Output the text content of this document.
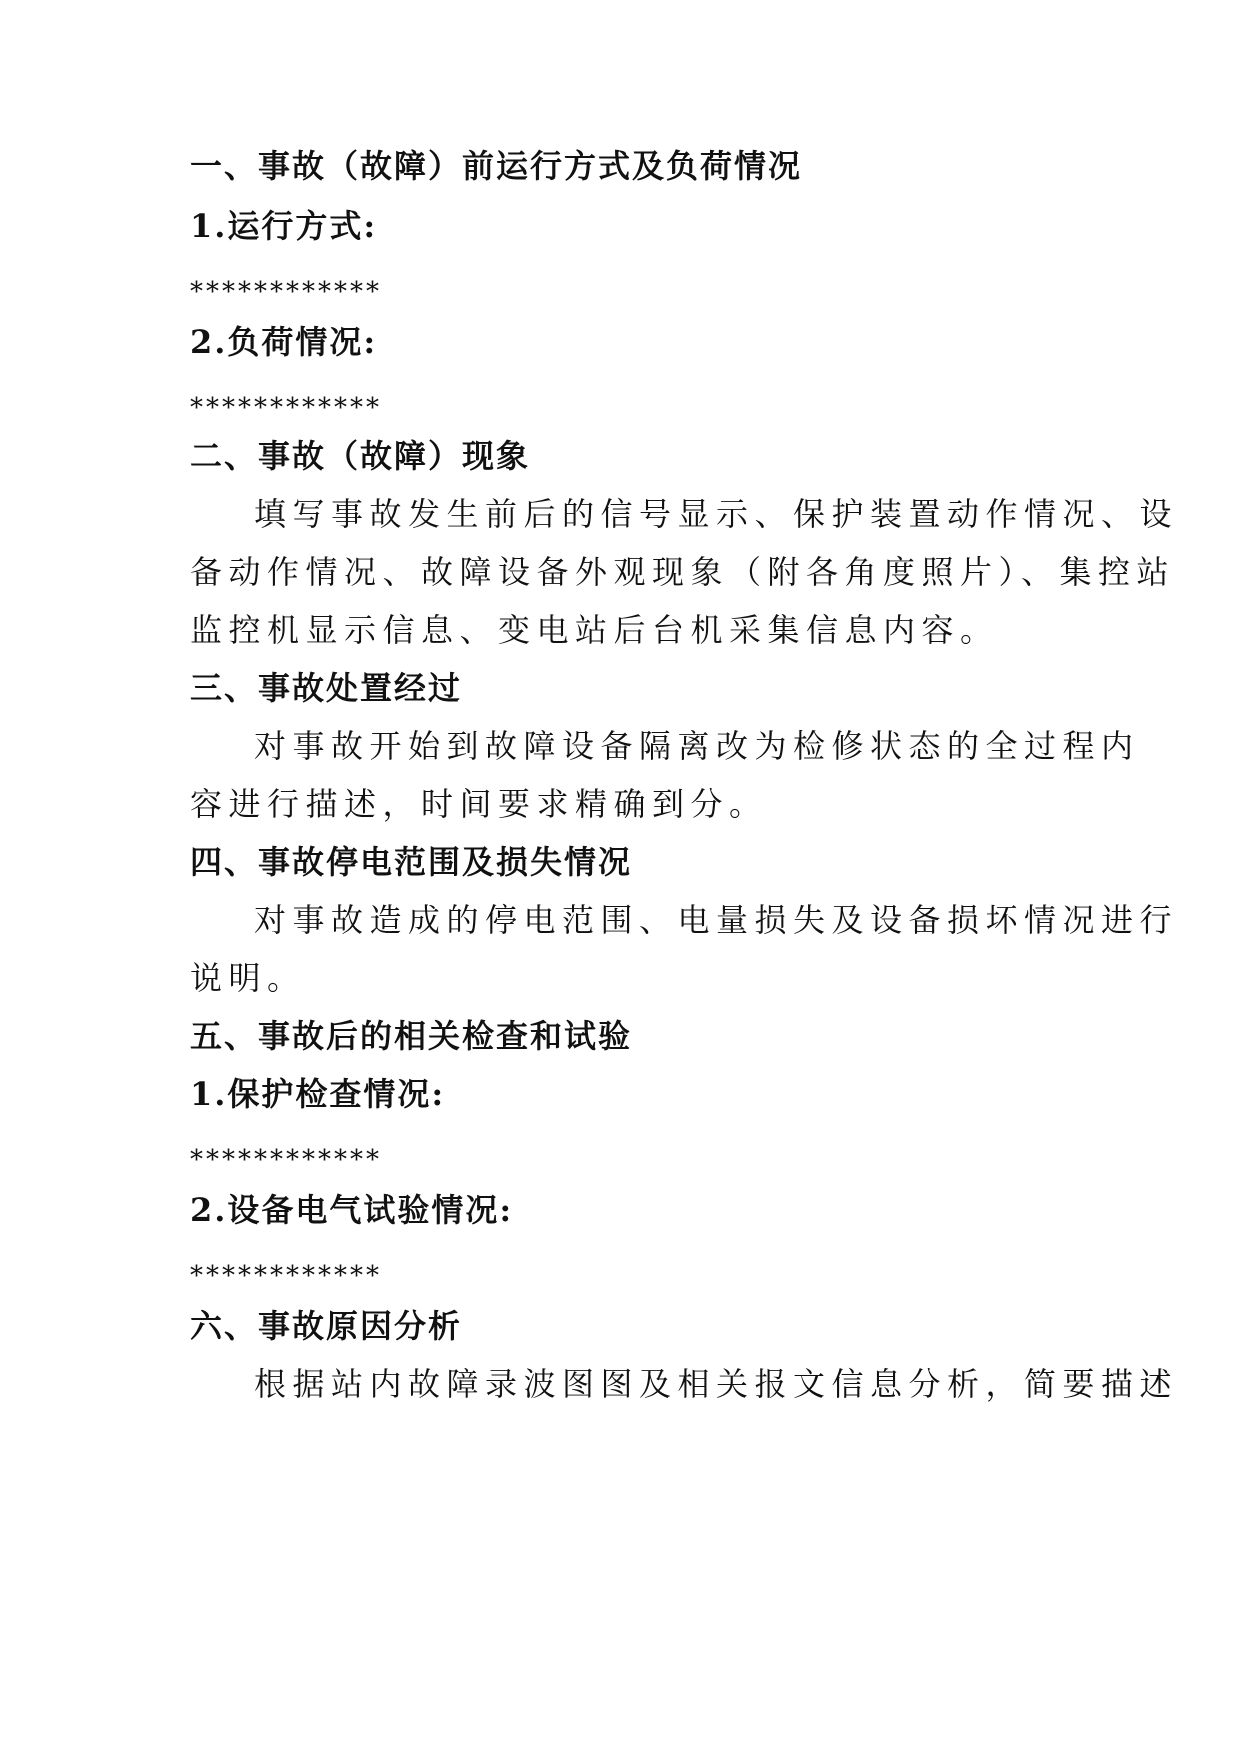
一、事故（故障）前运行方式及负荷情况
1.运行方式:
************
2.负荷情况:
************
二、事故（故障）现象
填写事故发生前后的信号显示、保护装置动作情况、设
备动作情况、故障设备外观现象（附各角度照片）、集控站
监控机显示信息、变电站后台机采集信息内容。
三、事故处置经过
对事故开始到故障设备隔离改为检修状态的全过程内
容进行描述，时间要求精确到分。
四、事故停电范围及损失情况
对事故造成的停电范围、电量损失及设备损坏情况进行
说明。
五、事故后的相关检查和试验
1.保护检查情况:
************
2.设备电气试验情况:
************
六、事故原因分析
根据站内故障录波图图及相关报文信息分析，简要描述
